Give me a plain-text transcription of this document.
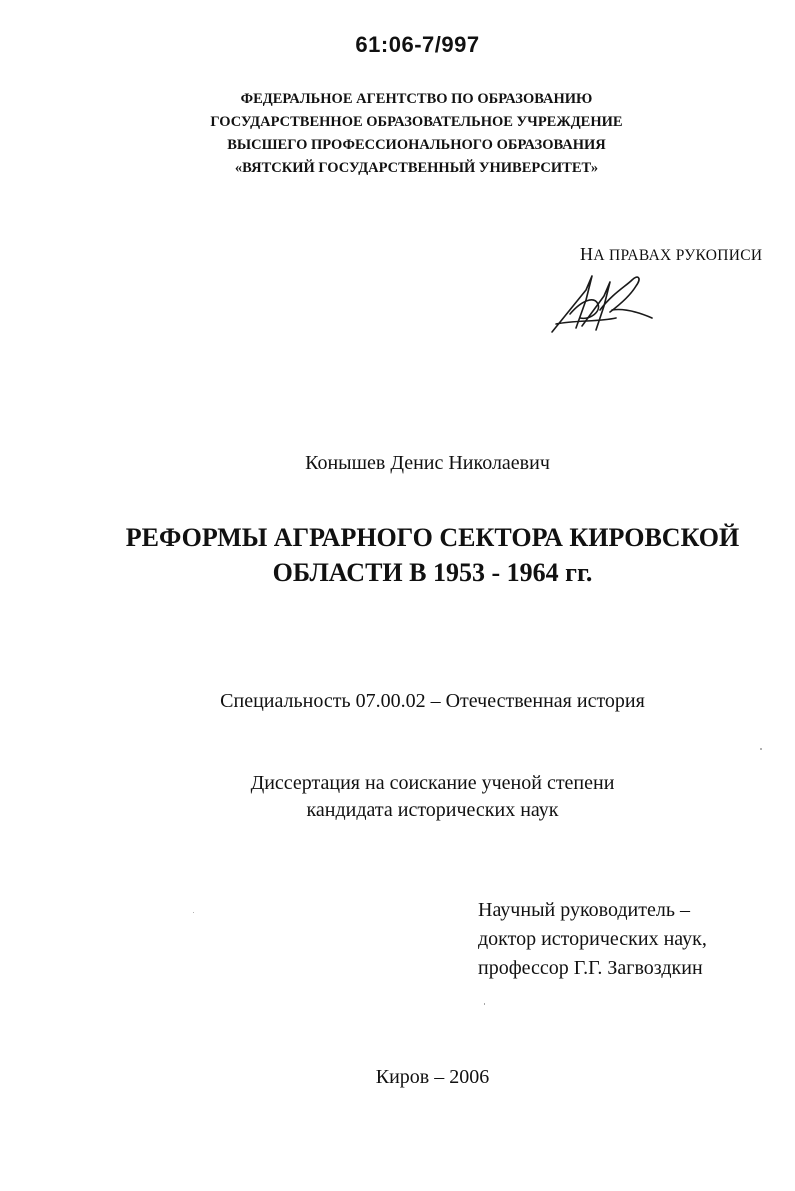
61:06-7/997
ФЕДЕРАЛЬНОЕ АГЕНТСТВО ПО ОБРАЗОВАНИЮ
ГОСУДАРСТВЕННОЕ ОБРАЗОВАТЕЛЬНОЕ УЧРЕЖДЕНИЕ
ВЫСШЕГО ПРОФЕССИОНАЛЬНОГО ОБРАЗОВАНИЯ
«ВЯТСКИЙ ГОСУДАРСТВЕННЫЙ УНИВЕРСИТЕТ»
НА ПРАВАХ РУКОПИСИ
Конышев Денис Николаевич
РЕФОРМЫ АГРАРНОГО СЕКТОРА КИРОВСКОЙ
ОБЛАСТИ В 1953 - 1964 гг.
Специальность 07.00.02 – Отечественная история
Диссертация на соискание ученой степени
кандидата исторических наук
Научный руководитель –
доктор исторических наук,
профессор Г.Г. Загвоздкин
Киров – 2006
